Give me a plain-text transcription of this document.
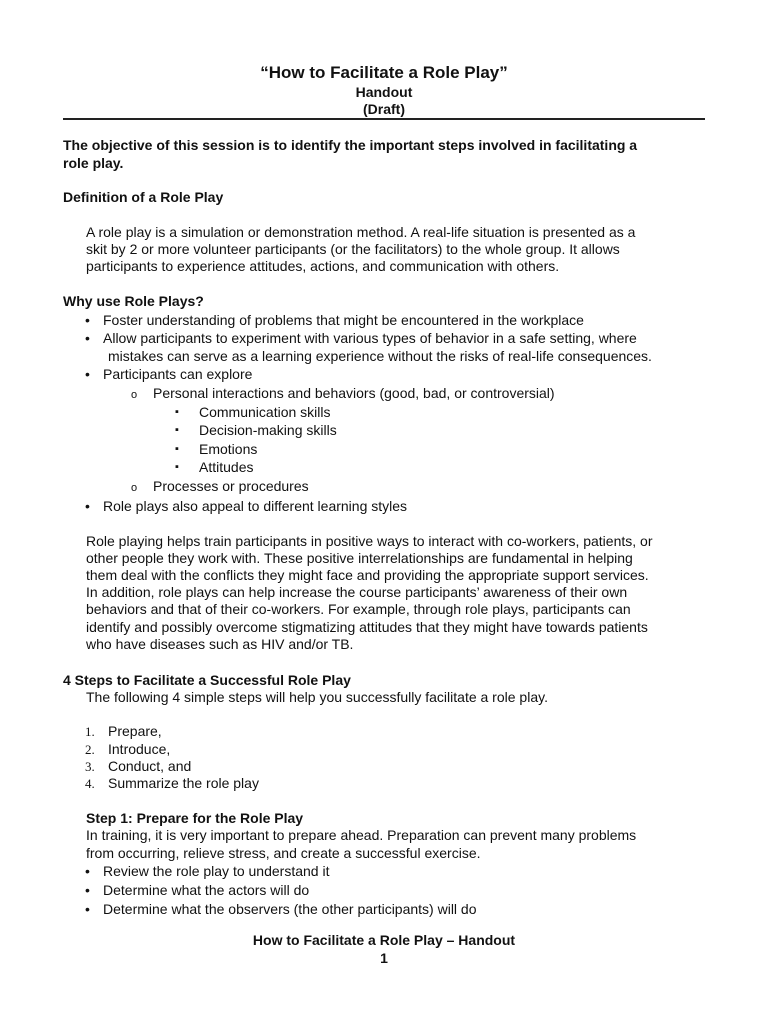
“How to Facilitate a Role Play”
Handout
(Draft)
The objective of this session is to identify the important steps involved in facilitating a
role play.
Definition of a Role Play
A role play is a simulation or demonstration method. A real-life situation is presented as a
skit by 2 or more volunteer participants (or the facilitators) to the whole group. It allows
participants to experience attitudes, actions, and communication with others.
Why use Role Plays?
• Foster understanding of problems that might be encountered in the workplace
• Allow participants to experiment with various types of behavior in a safe setting, where
mistakes can serve as a learning experience without the risks of real-life consequences.
• Participants can explore
o Personal interactions and behaviors (good, bad, or controversial)
▪ Communication skills
▪ Decision-making skills
▪ Emotions
▪ Attitudes
o Processes or procedures
• Role plays also appeal to different learning styles
Role playing helps train participants in positive ways to interact with co-workers, patients, or
other people they work with. These positive interrelationships are fundamental in helping
them deal with the conflicts they might face and providing the appropriate support services.
In addition, role plays can help increase the course participants’ awareness of their own
behaviors and that of their co-workers. For example, through role plays, participants can
identify and possibly overcome stigmatizing attitudes that they might have towards patients
who have diseases such as HIV and/or TB.
4 Steps to Facilitate a Successful Role Play
The following 4 simple steps will help you successfully facilitate a role play.
1. Prepare,
2. Introduce,
3. Conduct, and
4. Summarize the role play
Step 1: Prepare for the Role Play
In training, it is very important to prepare ahead. Preparation can prevent many problems
from occurring, relieve stress, and create a successful exercise.
• Review the role play to understand it
• Determine what the actors will do
• Determine what the observers (the other participants) will do
How to Facilitate a Role Play – Handout
1
